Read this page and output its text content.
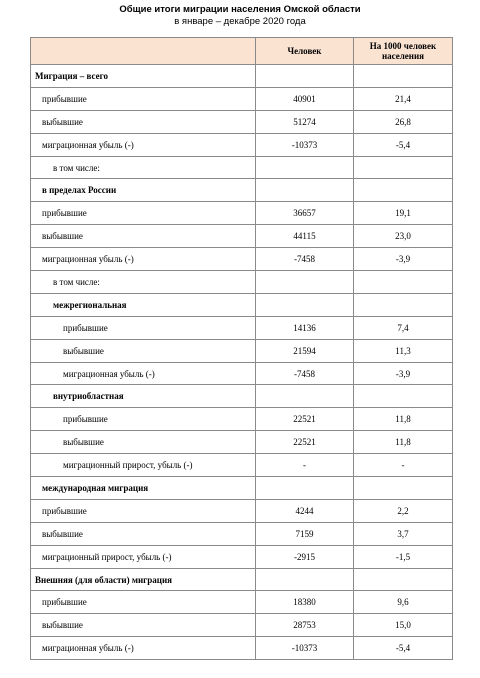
Общие итоги миграции населения Омской области
в январе – декабре 2020 года
	Человек	На 1000 человек населения
Миграция – всего		
прибывшие	40901	21,4
выбывшие	51274	26,8
миграционная убыль (-)	-10373	-5,4
в том числе:		
в пределах России		
прибывшие	36657	19,1
выбывшие	44115	23,0
миграционная убыль (-)	-7458	-3,9
в том числе:		
межрегиональная		
прибывшие	14136	7,4
выбывшие	21594	11,3
миграционная убыль (-)	-7458	-3,9
внутриобластная		
прибывшие	22521	11,8
выбывшие	22521	11,8
миграционный прирост, убыль (-)	-	-
международная миграция		
прибывшие	4244	2,2
выбывшие	7159	3,7
миграционный прирост, убыль (-)	-2915	-1,5
Внешняя (для области) миграция		
прибывшие	18380	9,6
выбывшие	28753	15,0
миграционная убыль (-)	-10373	-5,4
